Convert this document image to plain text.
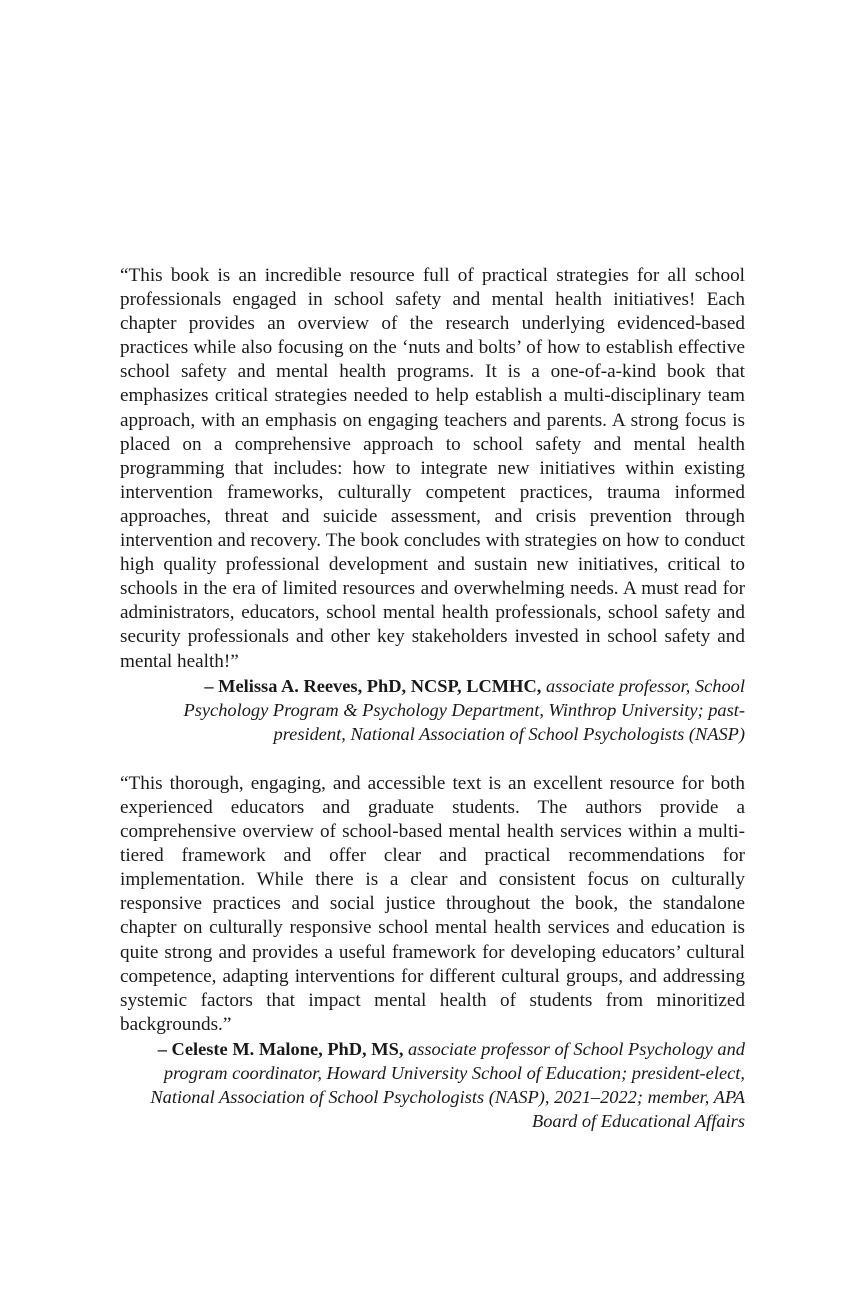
“This book is an incredible resource full of practical strategies for all school professionals engaged in school safety and mental health initiatives! Each chapter provides an overview of the research underlying evidenced-based practices while also focusing on the ‘nuts and bolts’ of how to establish effective school safety and mental health programs. It is a one-of-a-kind book that emphasizes critical strategies needed to help establish a multi-disciplinary team approach, with an emphasis on engaging teachers and parents. A strong focus is placed on a comprehensive approach to school safety and mental health programming that includes: how to integrate new initiatives within existing intervention frameworks, culturally competent practices, trauma informed approaches, threat and suicide assessment, and crisis prevention through intervention and recovery. The book concludes with strategies on how to conduct high quality professional development and sustain new initiatives, critical to schools in the era of limited resources and overwhelming needs. A must read for administrators, educators, school mental health professionals, school safety and security professionals and other key stakeholders invested in school safety and mental health!”

– Melissa A. Reeves, PhD, NCSP, LCMHC, associate professor, School Psychology Program & Psychology Department, Winthrop University; past-president, National Association of School Psychologists (NASP)

“This thorough, engaging, and accessible text is an excellent resource for both experienced educators and graduate students. The authors provide a comprehensive overview of school-based mental health services within a multi-tiered framework and offer clear and practical recommendations for implementation. While there is a clear and consistent focus on culturally responsive practices and social justice throughout the book, the standalone chapter on culturally responsive school mental health services and education is quite strong and provides a useful framework for developing educators’ cultural competence, adapting interventions for different cultural groups, and addressing systemic factors that impact mental health of students from minoritized backgrounds.”

– Celeste M. Malone, PhD, MS, associate professor of School Psychology and program coordinator, Howard University School of Education; president-elect, National Association of School Psychologists (NASP), 2021–2022; member, APA Board of Educational Affairs
